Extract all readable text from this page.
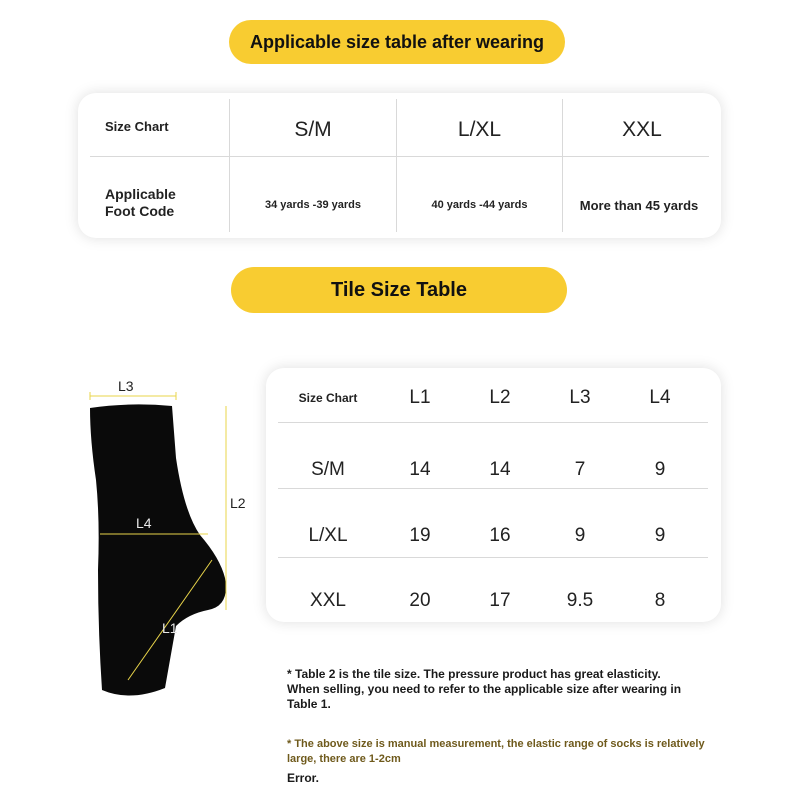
Applicable size table after wearing
Size Chart	S/M	L/XL	XXL
Applicable
Foot Code	34 yards -39 yards	40 yards -44 yards	More than 45 yards
Tile Size Table
L3
L2
L4
L1
Size Chart	L1	L2	L3	L4
S/M	14	14	7	9
L/XL	19	16	9	9
XXL	20	17	9.5	8
* Table 2 is the tile size. The pressure product has great elasticity.
When selling, you need to refer to the applicable size after wearing in
Table 1.
* The above size is manual measurement, the elastic range of socks is relatively
large, there are 1-2cm
Error.
